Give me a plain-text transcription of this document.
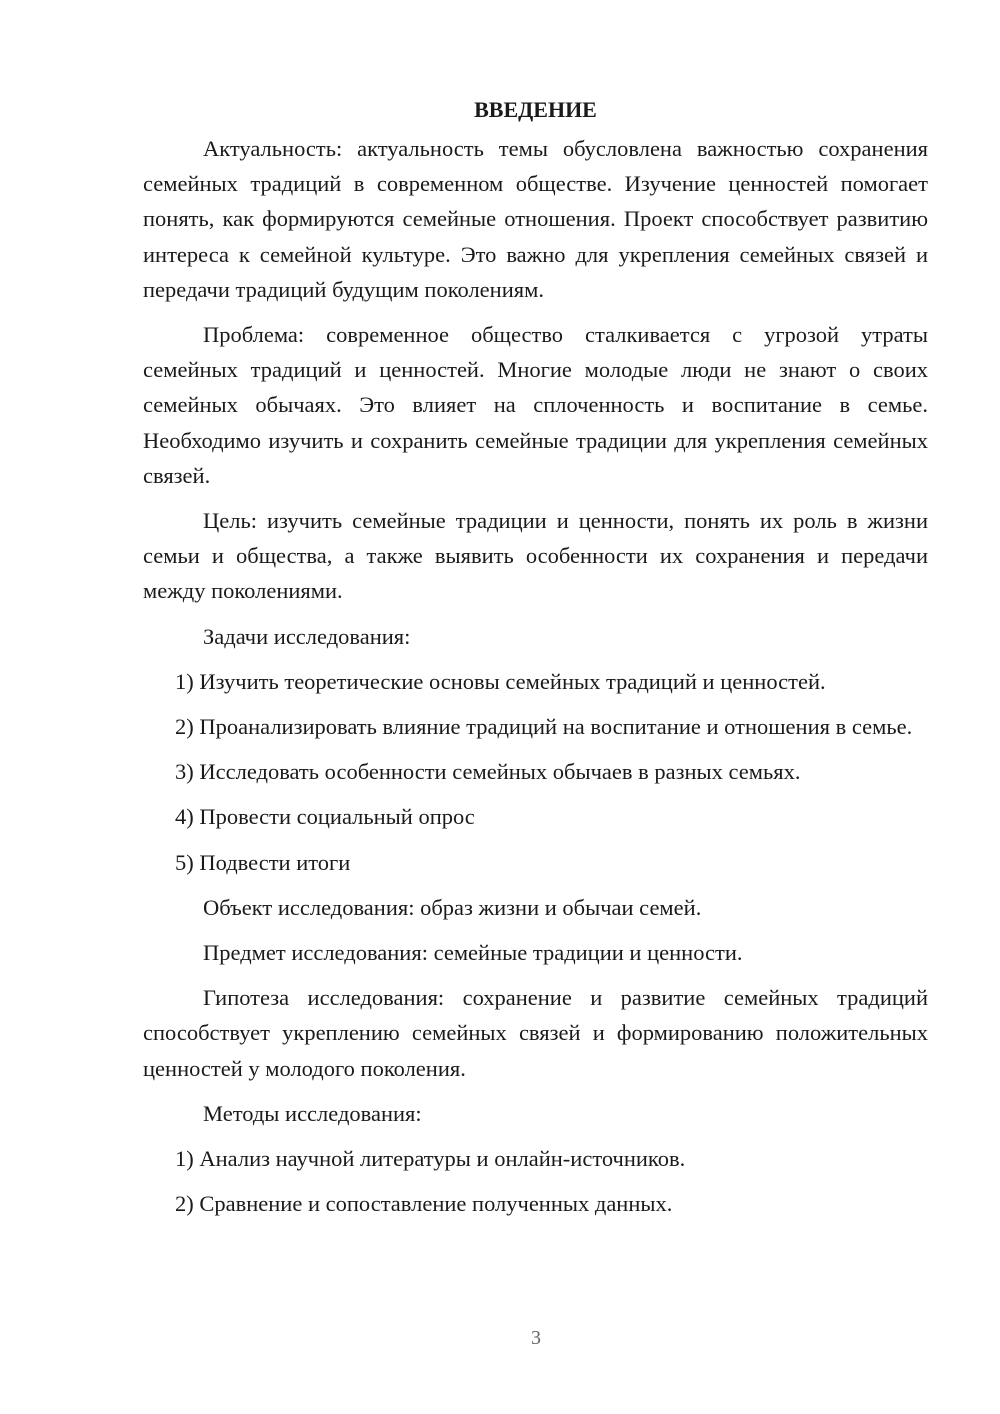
ВВЕДЕНИЕ

Актуальность: актуальность темы обусловлена важностью сохранения семейных традиций в современном обществе. Изучение ценностей помогает понять, как формируются семейные отношения. Проект способствует развитию интереса к семейной культуре. Это важно для укрепления семейных связей и передачи традиций будущим поколениям.

Проблема: современное общество сталкивается с угрозой утраты семейных традиций и ценностей. Многие молодые люди не знают о своих семейных обычаях. Это влияет на сплоченность и воспитание в семье. Необходимо изучить и сохранить семейные традиции для укрепления семейных связей.

Цель: изучить семейные традиции и ценности, понять их роль в жизни семьи и общества, а также выявить особенности их сохранения и передачи между поколениями.

Задачи исследования:

1) Изучить теоретические основы семейных традиций и ценностей.

2) Проанализировать влияние традиций на воспитание и отношения в семье.

3) Исследовать особенности семейных обычаев в разных семьях.

4) Провести социальный опрос

5) Подвести итоги

Объект исследования: образ жизни и обычаи семей.

Предмет исследования: семейные традиции и ценности.

Гипотеза исследования: сохранение и развитие семейных традиций способствует укреплению семейных связей и формированию положительных ценностей у молодого поколения.

Методы исследования:

1) Анализ научной литературы и онлайн-источников.

2) Сравнение и сопоставление полученных данных.

3
